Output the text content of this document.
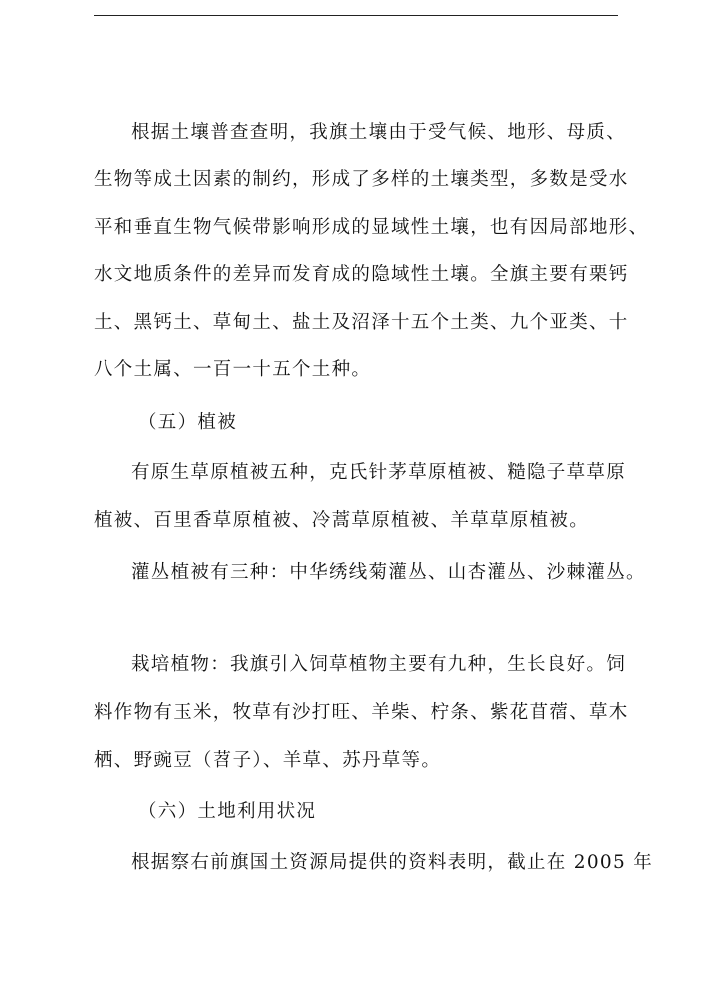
根据土壤普查查明，我旗土壤由于受气候、地形、母质、
生物等成土因素的制约，形成了多样的土壤类型，多数是受水
平和垂直生物气候带影响形成的显域性土壤，也有因局部地形、
水文地质条件的差异而发育成的隐域性土壤。全旗主要有栗钙
土、黑钙土、草甸土、盐土及沼泽十五个土类、九个亚类、十
八个土属、一百一十五个土种。
（五）植被
有原生草原植被五种，克氏针茅草原植被、糙隐子草草原
植被、百里香草原植被、冷蒿草原植被、羊草草原植被。
灌丛植被有三种：中华绣线菊灌丛、山杏灌丛、沙棘灌丛。
栽培植物：我旗引入饲草植物主要有九种，生长良好。饲
料作物有玉米，牧草有沙打旺、羊柴、柠条、紫花苜蓿、草木
栖、野豌豆（苕子）、羊草、苏丹草等。
（六）土地利用状况
根据察右前旗国土资源局提供的资料表明，截止在 2005 年
